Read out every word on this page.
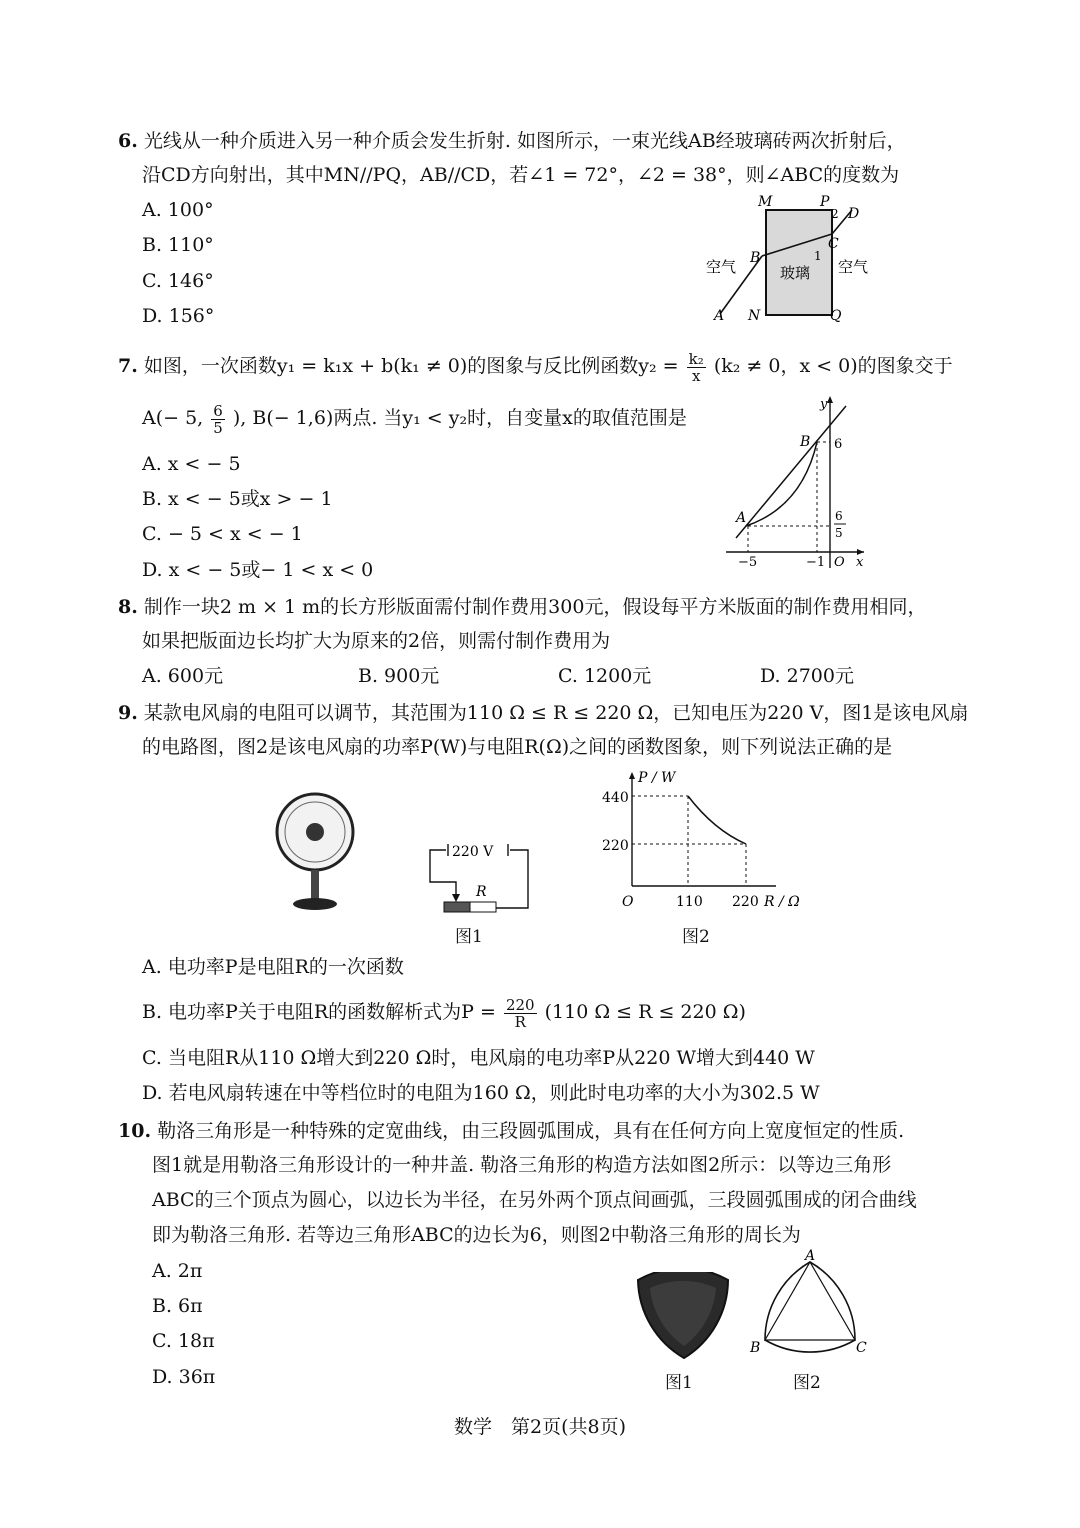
6. 光线从一种介质进入另一种介质会发生折射. 如图所示，一束光线AB经玻璃砖两次折射后，
沿CD方向射出，其中MN//PQ，AB//CD，若∠1 = 72°，∠2 = 38°，则∠ABC的度数为
A. 100°
B. 110°
C. 146°
D. 156°
M	P
2 D
C
1
B
A N	Q
空气	空气
玻璃
7. 如图，一次函数y₁ = k₁x + b(k₁ ≠ 0)的图象与反比例函数$y_2 = \frac{\text{k₂}}{x} (k_2 \ne 0$，x < 0)的图象交于
A(− 5, $\frac{6}{5}$ ), B(− 1,6)两点. 当y₁ < y₂时，自变量x的取值范围是
A. x < − 5
B. x < − 5或x > − 1
C. − 5 < x < − 1
D. x < − 5或− 1 < x < 0
y
x
O
A
B 6
6
5
−5	−1
8. 制作一块2 m × 1 m的长方形版面需付制作费用300元，假设每平方米版面的制作费用相同，
如果把版面边长均扩大为原来的2倍，则需付制作费用为
A. 600元	B. 900元	C. 1200元	D. 2700元
9. 某款电风扇的电阻可以调节，其范围为110 Ω ≤ R ≤ 220 Ω，已知电压为220 V，图1是该电风扇
的电路图，图2是该电风扇的功率P(W)与电阻R(Ω)之间的函数图象，则下列说法正确的是
220 V
R
图1
P / W
440
220
O	110 220 R / Ω
图2
A. 电功率P是电阻R的一次函数
B. 电功率P关于电阻R的函数解析式为$P = \frac{220}{R} (110$ Ω ≤ R ≤ 220 Ω)
C. 当电阻R从110 Ω增大到220 Ω时，电风扇的电功率P从220 W增大到440 W
D. 若电风扇转速在中等档位时的电阻为160 Ω，则此时电功率的大小为302.5 W
10. 勒洛三角形是一种特殊的定宽曲线，由三段圆弧围成，具有在任何方向上宽度恒定的性质.
图1就是用勒洛三角形设计的一种井盖. 勒洛三角形的构造方法如图2所示：以等边三角形
ABC的三个顶点为圆心，以边长为半径，在另外两个顶点间画弧，三段圆弧围成的闭合曲线
即为勒洛三角形. 若等边三角形ABC的边长为6，则图2中勒洛三角形的周长为
A. 2π
B. 6π
C. 18π
D. 36π	图1
A
B	C
图2
数学　第2页(共8页)
